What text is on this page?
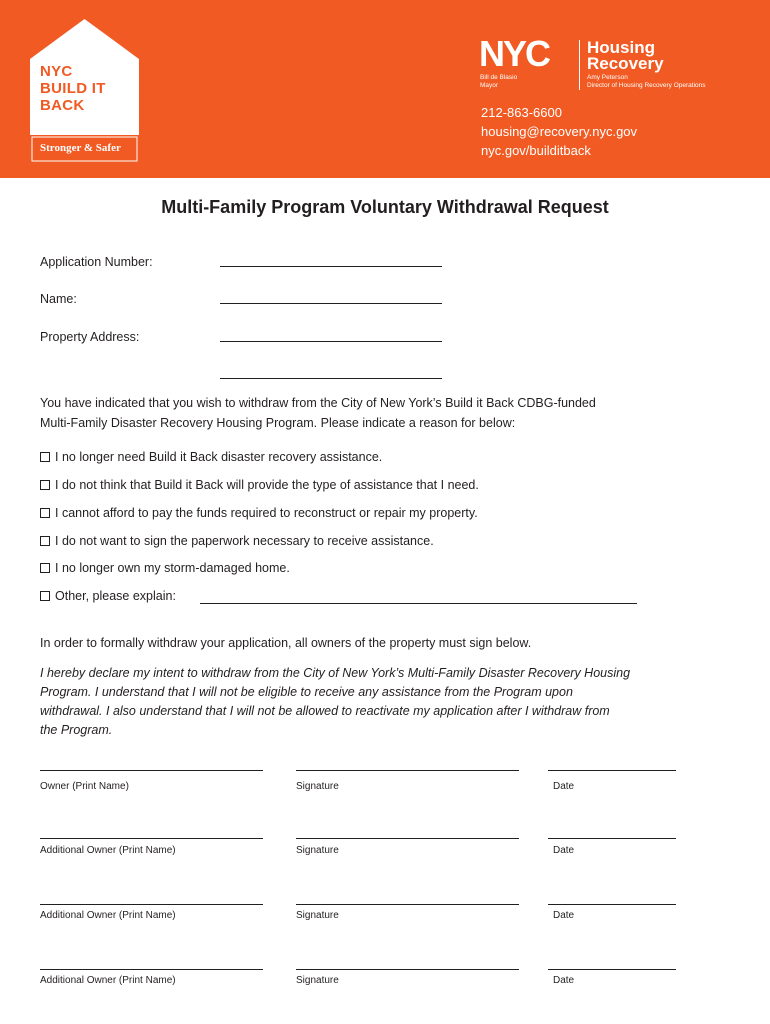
NYC
BUILD IT
BACK
Stronger & Safer
NYC
Bill de Blasio
Mayor
Housing
Recovery
Amy Peterson
Director of Housing Recovery Operations
212-863-6600
housing@recovery.nyc.gov
nyc.gov/builditback
Multi-Family Program Voluntary Withdrawal Request
Application Number:
Name:
Property Address:
You have indicated that you wish to withdraw from the City of New York’s Build it Back CDBG-funded
Multi-Family Disaster Recovery Housing Program. Please indicate a reason for below:
I no longer need Build it Back disaster recovery assistance.
I do not think that Build it Back will provide the type of assistance that I need.
I cannot afford to pay the funds required to reconstruct or repair my property.
I do not want to sign the paperwork necessary to receive assistance.
I no longer own my storm-damaged home.
Other, please explain:
In order to formally withdraw your application, all owners of the property must sign below.
I hereby declare my intent to withdraw from the City of New York’s Multi-Family Disaster Recovery Housing
Program. I understand that I will not be eligible to receive any assistance from the Program upon
withdrawal. I also understand that I will not be allowed to reactivate my application after I withdraw from
the Program.
Owner (Print Name)	Signature	Date
Additional Owner (Print Name)	Signature	Date
Additional Owner (Print Name)	Signature	Date
Additional Owner (Print Name)	Signature	Date
